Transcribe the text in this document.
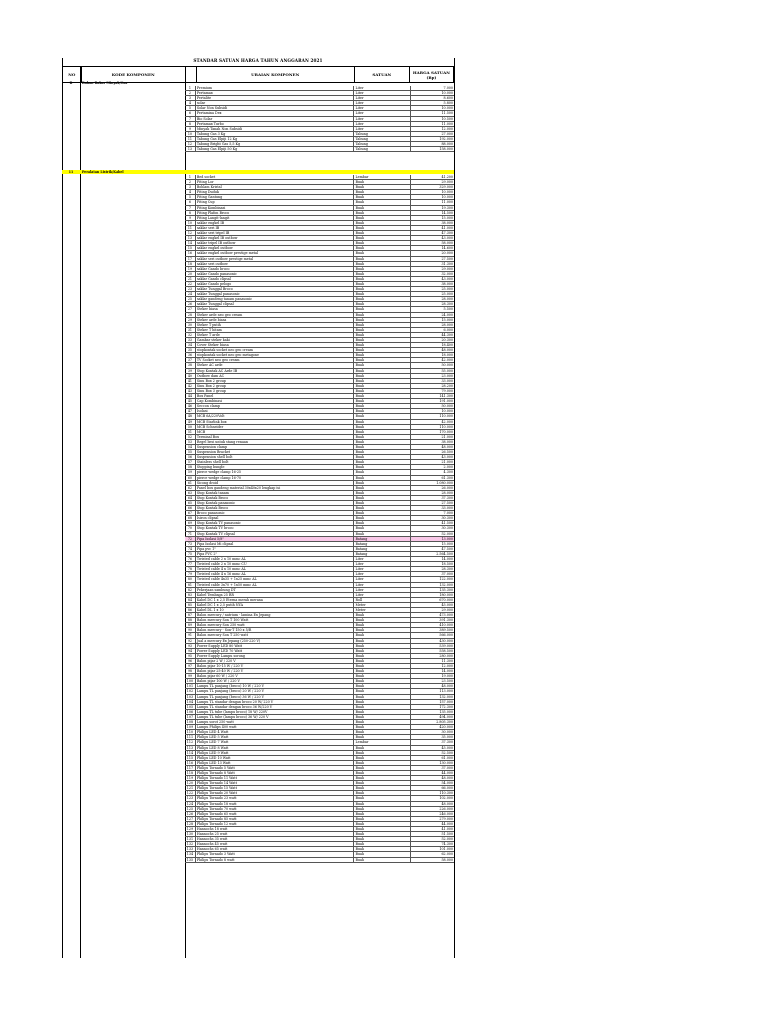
STANDAR SATUAN HARGA TAHUN ANGGARAN 2021
NO	KODE KOMPONEN	URAIAN KOMPONEN	SATUAN	HARGA SATUAN (Rp)
B	Bahan Bakar Minyak/Gas
1	Premium	Liter	7.000
2	Pertamax	Liter	10.000
3	Pertalite	Liter	8.600
4	solar	Liter	5.800
5	Solar Non Subsidi	Liter	10.000
6	Pertamina Dex	Liter	11.500
7	Bio Solar	Liter	10.500
8	Pertamax Turbo	Liter	11.000
9	Minyak Tanah Non Subsidi	Liter	12.000
10	Tabung Gas 3 Kg	Tabung	27.000
11	Tabung Gas Elpiji 12 Kg	Tabung	192.000
12	Tabung Bright Gas 5,5 Kg	Tabung	88.000
13	Tabung Gas Elpiji 50 Kg	Tabung	158.000
11	Peralatan Listrik/Kabel
1	Bed socket	Lembar	41.200
2	Fiting Lor	Buah	29.000
3	Bohlam Kristal	Buah	329.000
4	Fiting Duduk	Buah	10.000
5	Fiting Gantung	Buah	10.000
6	Fiting Cup	Buah	11.000
7	Fiting Kombinasi	Buah	19.300
8	Fiting Plafon Broco	Buah	14.500
9	Fiting Langit-langit	Buah	15.000
10	saklar engkel IB	Buah	38.000
11	saklar seri IB	Buah	41.000
12	saklar seri tripel IB	Buah	47.300
13	saklar engkel IB outbow	Buah	43.000
14	saklar tripel IB outbow	Buah	58.000
15	saklar engkel outbow	Buah	14.600
16	saklar engkel outbow prestige metal	Buah	20.000
17	saklar seri outbow prestige metal	Buah	27.500
18	saklar seri outbow	Buah	31.300
19	saklar Gando broco	Buah	29.000
20	saklar Gando panasonic	Buah	32.000
21	saklar Gando clipsal	Buah	43.000
22	saklar Gando pelogo	Buah	38.000
23	saklar Tunggal Broco	Buah	25.000
24	saklar Tunggal panasonic	Buah	25.000
25	saklar gandeng tanam panasonic	Buah	28.000
26	saklar Tunggal clipsal	Buah	28.300
27	Steker biasa	Buah	5.500
28	Steker arde neo geo cream	Buah	24.000
29	Steker arde biasa	Buah	15.000
30	Steker T putih	Buah	28.000
31	Steker T hitam	Buah	6.000
32	Steker T arde	Buah	44.300
33	Gambar steker kaki	Buah	20.300
34	Cover Steker biasa	Buah	18.400
35	stopkontak socket neo geo cream	Buah	48.000
36	stopkontak socket neo geo metagone	Buah	18.000
37	TV Socket neo geo cream	Buah	42.000
38	Steker AC arde	Buah	50.000
39	Stop Kontak AC Arde IB	Buah	55.000
40	Outbow dam AC	Buah	23.000
41	Sinu Box 2 group	Buah	33.000
42	Sinu Box 2 group	Buah	28.200
43	Sinu Box 3 group	Buah	79.000
44	Box Panel	Buah	141.300
45	Cap Kombinasi	Buah	191.000
46	Seccon clamp	Buah	50.000
47	Isolasi	Buah	10.000
48	MCB 6A/220Volt	Buah	110.000
49	MCB Starlink box	Buah	42.000
50	MCB Schneider	Buah	110.000
51	MCB	Buah	170.000
52	Terminal Box	Buah	21.000
53	Regel besi untuk stang renaan	Buah	38.000
54	Suspension clamp	Buah	48.000
55	Suspension Bracket	Buah	26.500
56	Suspension shell bolt	Buah	43.000
57	Stainless shell bolt	Buah	21.000
58	Stopping bungle	Buah	2.000
59	pierce wedge clamp 16-25	Buah	4.300
60	pierce wedge clamp 16-70	Buah	61.300
61	Sicong droid	Buah	1.080.000
62	Panel box gandeng material 30x40x20 lengkap isi	Buah	26.000
63	Stop Kontak tanam	Buah	28.000
64	Stop Kontak Broco	Buah	37.300
65	Stop Kontak panasonic	Buah	27.500
66	Stop Kontak Broco	Buah	33.000
67	Broco panasonic	Buah	7.000
68	Isiron clipsal	Buah	30.300
69	Stop Kontak TV panasonic	Buah	41.500
70	Stop Kontak TV broco	Buah	30.300
71	Stop Kontak TV clipsal	Buah	52.000
72	Pipa Isolasi 5/8"	Batang	13.000
73	Pipa Isolasi Mi clipsal	Batang	15.000
74	Pipa pvc 1"	Batang	47.500
75	Pipa PVC 2"	Batang	2.564.500
76	Twisted cable 2 x 10 mmc AL	Liter	14.000
77	Twisted cable 2 x 10 mmc CU	Liter	18.500
78	Twisted cable 4 x 10 mmc AL	Liter	28.300
79	Twisted cable 4 x 16 mmc AL	Liter	37.000
80	Twisted cable 4x35 + 1x25 mmc AL	Liter	122.000
81	Twisted cable 3x70 + 1x50 mmc AL	Liter	132.000
82	Pekerjaan sambung DT	Liter	135.300
83	Kabel Tembaga 25 RR	Liter	180.000
84	Kabel DC 1 x 2,5 Eterna merah merana	Roll	670.000
85	Kabel DC 1 x 2,5 putih NYA	Meter	45.000
86	Kabel DL 1 x 10	Meter	29.000
87	Balon mercury / natrium - lamina Ex Jepang	Buah	473.000
88	Balon mercury Son T 100 Watt	Buah	391.300
89	Balon mercury Son 250 watt	Buah	410.000
90	Balon mercury - Son-T 150 x 5/R	Buah	389.500
91	Balon mercury Son T 250 watt	Buah	566.000
92	Jual a mercury Ex Jepang (250-220 V)	Buah	430.000
93	Power Supply LED 80 Watt	Buah	539.000
94	Power Supply LED 70 Watt	Buah	558.500
95	Power Supply Lampu sorong	Buah	280.000
96	Balon pijar 2 W / 220 V	Buah	11.300
97	Balon pijar 10-15 W / 220 V	Buah	12.000
98	Balon pijar 25-40 W / 220 V	Buah	14.000
99	Balon pijar 60 W / 220 V	Buah	19.000
100	Balon pijar 100 W / 220 V	Buah	23.500
101	Lampu TL panjang (broco) 10 W / 220 V	Buah	48.000
102	Lampu TL panjang (broco) 20 W / 220 V	Buah	113.000
103	Lampu TL panjang (broco) 36 W / 220 V	Buah	132.000
104	Lampu TL standar dengan broco 20 W/ 220 V	Buah	157.000
105	Lampu TL standar dengan broco 36 W/220 V	Buah	172.300
106	Lampu TL tube (lampu broco) 18 W/ 220V	Buah	135.000
107	Lampu TL tube (lampu broco) 36 W/ 220 V	Buah	494.000
108	Lampu sorot 250 watt	Buah	2.805.300
109	Lampu Philips 400 watt	Buah	420.000
110	Philips LED 4 Watt	Buah	30.000
111	Philips LED 5 Watt	Buah	35.000
112	Philips LED 7 Watt	Lembar	37.300
113	Philips LED 8 Watt	Buah	45.000
114	Philips LED 9 Watt	Buah	52.500
115	Philips LED 10 Watt	Buah	61.000
116	Philips LED 13 Watt	Buah	130.000
117	Philips Tornado 5 Watt	Buah	37.000
118	Philips Tornado 8 Watt	Buah	44.000
119	Philips Tornado 11 Watt	Buah	48.000
120	Philips Tornado 14 Watt	Buah	54.000
121	Philips Tornado 15 Watt	Buah	66.000
122	Philips Tornado 20 Watt	Buah	110.300
123	Philips Tornado 23 watt	Buah	102.000
124	Philips Tornado 18 watt	Buah	48.000
125	Philips Tornado 70 watt	Buah	226.000
126	Philips Tornado 65 watt	Buah	246.000
127	Philips Tornado 85 watt	Buah	279.000
128	Philips Tornado 12 watt	Buah	44.000
129	Hannochs 18 watt	Buah	41.000
130	Hannochs 25 watt	Buah	51.500
131	Hannochs 35 watt	Buah	52.000
132	Hannochs 45 watt	Buah	74.300
133	Hannochs 65 watt	Buah	101.000
134	Philips Tornado 3 Watt	Buah	62.000
135	Philips Tornado 8 watt	Buah	58.000
